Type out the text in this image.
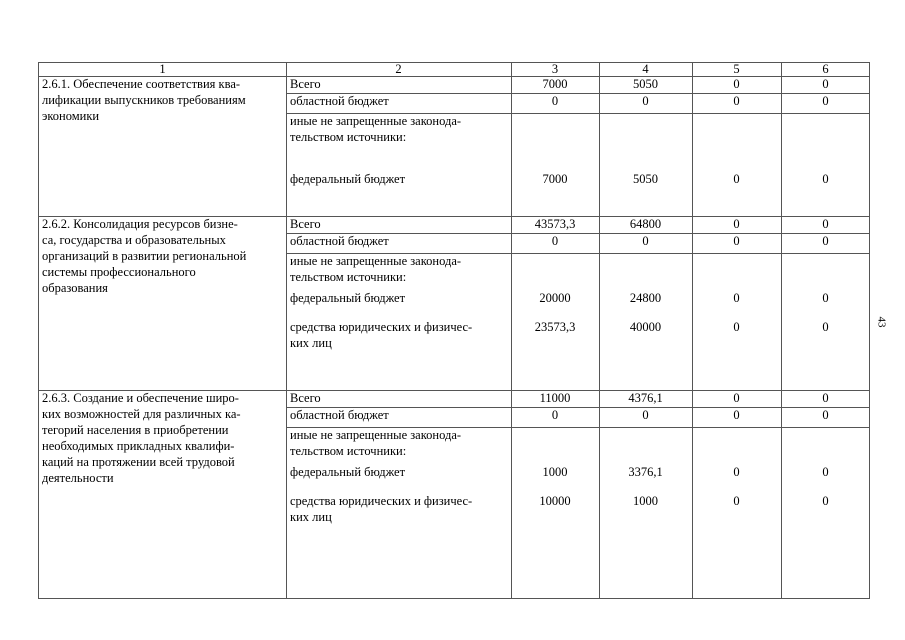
1	2	3	4	5	6
2.6.1. Обеспечение соответствия ква-
лификации выпускников требованиям
экономики
Всего	7000	5050	0	0
областной бюджет	0	0	0	0
иные не запрещенные законода-
тельством источники:
федеральный бюджет	7000	5050	0	0
2.6.2. Консолидация ресурсов бизне-
са, государства и образовательных
организаций в развитии региональной
системы профессионального
образования
Всего	43573,3	64800	0	0
областной бюджет	0	0	0	0
иные не запрещенные законода-
тельством источники:
федеральный бюджет	20000	24800	0	0
средства юридических и физичес-
ких лиц
23573,3	40000	0	0
2.6.3. Создание и обеспечение широ-
ких возможностей для различных ка-
тегорий населения в приобретении
необходимых прикладных квалифи-
каций на протяжении всей трудовой
деятельности
Всего	11000	4376,1	0	0
областной бюджет	0	0	0	0
иные не запрещенные законода-
тельством источники:
федеральный бюджет	1000	3376,1	0	0
средства юридических и физичес-
ких лиц
10000	1000	0	0
43
